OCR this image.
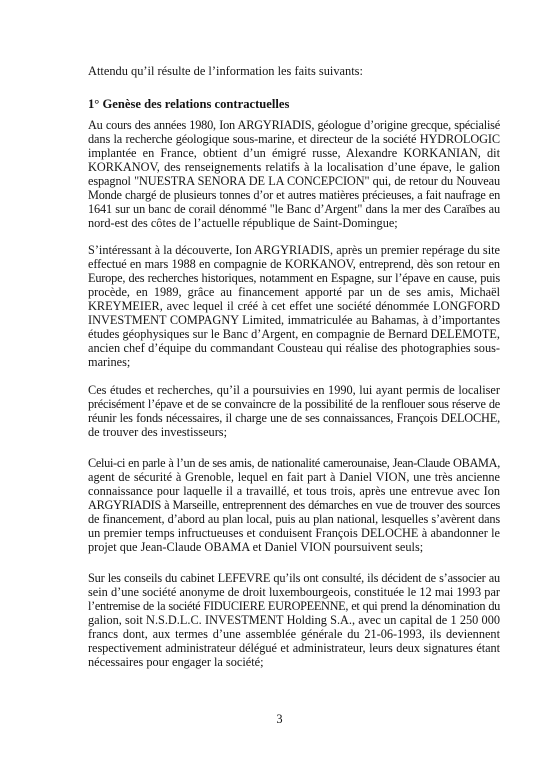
Attendu qu’il résulte de l’information les faits suivants:
1° Genèse des relations contractuelles
Au cours des années 1980, Ion ARGYRIADIS, géologue d’origine grecque, spécialisé
dans la recherche géologique sous-marine, et directeur de la société HYDROLOGIC
implantée en France, obtient d’un émigré russe, Alexandre KORKANIAN, dit
KORKANOV, des renseignements relatifs à la localisation d’une épave, le galion
espagnol "NUESTRA SENORA DE LA CONCEPCION" qui, de retour du Nouveau
Monde chargé de plusieurs tonnes d’or et autres matières précieuses, a fait naufrage en
1641 sur un banc de corail dénommé "le Banc d’Argent" dans la mer des Caraïbes au
nord-est des côtes de l’actuelle république de Saint-Domingue;
S’intéressant à la découverte, Ion ARGYRIADIS, après un premier repérage du site
effectué en mars 1988 en compagnie de KORKANOV, entreprend, dès son retour en
Europe, des recherches historiques, notamment en Espagne, sur l’épave en cause, puis
procède, en 1989, grâce au financement apporté par un de ses amis, Michaël
KREYMEIER, avec lequel il créé à cet effet une société dénommée LONGFORD
INVESTMENT COMPAGNY Limited, immatriculée au Bahamas, à d’importantes
études géophysiques sur le Banc d’Argent, en compagnie de Bernard DELEMOTE,
ancien chef d’équipe du commandant Cousteau qui réalise des photographies sous-
marines;
Ces études et recherches, qu’il a poursuivies en 1990, lui ayant permis de localiser
précisément l’épave et de se convaincre de la possibilité de la renflouer sous réserve de
réunir les fonds nécessaires, il charge une de ses connaissances, François DELOCHE,
de trouver des investisseurs;
Celui-ci en parle à l’un de ses amis, de nationalité camerounaise, Jean-Claude OBAMA,
agent de sécurité à Grenoble, lequel en fait part à Daniel VION, une très ancienne
connaissance pour laquelle il a travaillé, et tous trois, après une entrevue avec Ion
ARGYRIADIS à Marseille, entreprennent des démarches en vue de trouver des sources
de financement, d’abord au plan local, puis au plan national, lesquelles s’avèrent dans
un premier temps infructueuses et conduisent François DELOCHE à abandonner le
projet que Jean-Claude OBAMA et Daniel VION poursuivent seuls;
Sur les conseils du cabinet LEFEVRE qu’ils ont consulté, ils décident de s’associer au
sein d’une société anonyme de droit luxembourgeois, constituée le 12 mai 1993 par
l’entremise de la société FIDUCIERE EUROPEENNE, et qui prend la dénomination du
galion, soit N.S.D.L.C. INVESTMENT Holding S.A., avec un capital de 1 250 000
francs dont, aux termes d’une assemblée générale du 21-06-1993, ils deviennent
respectivement administrateur délégué et administrateur, leurs deux signatures étant
nécessaires pour engager la société;
3
